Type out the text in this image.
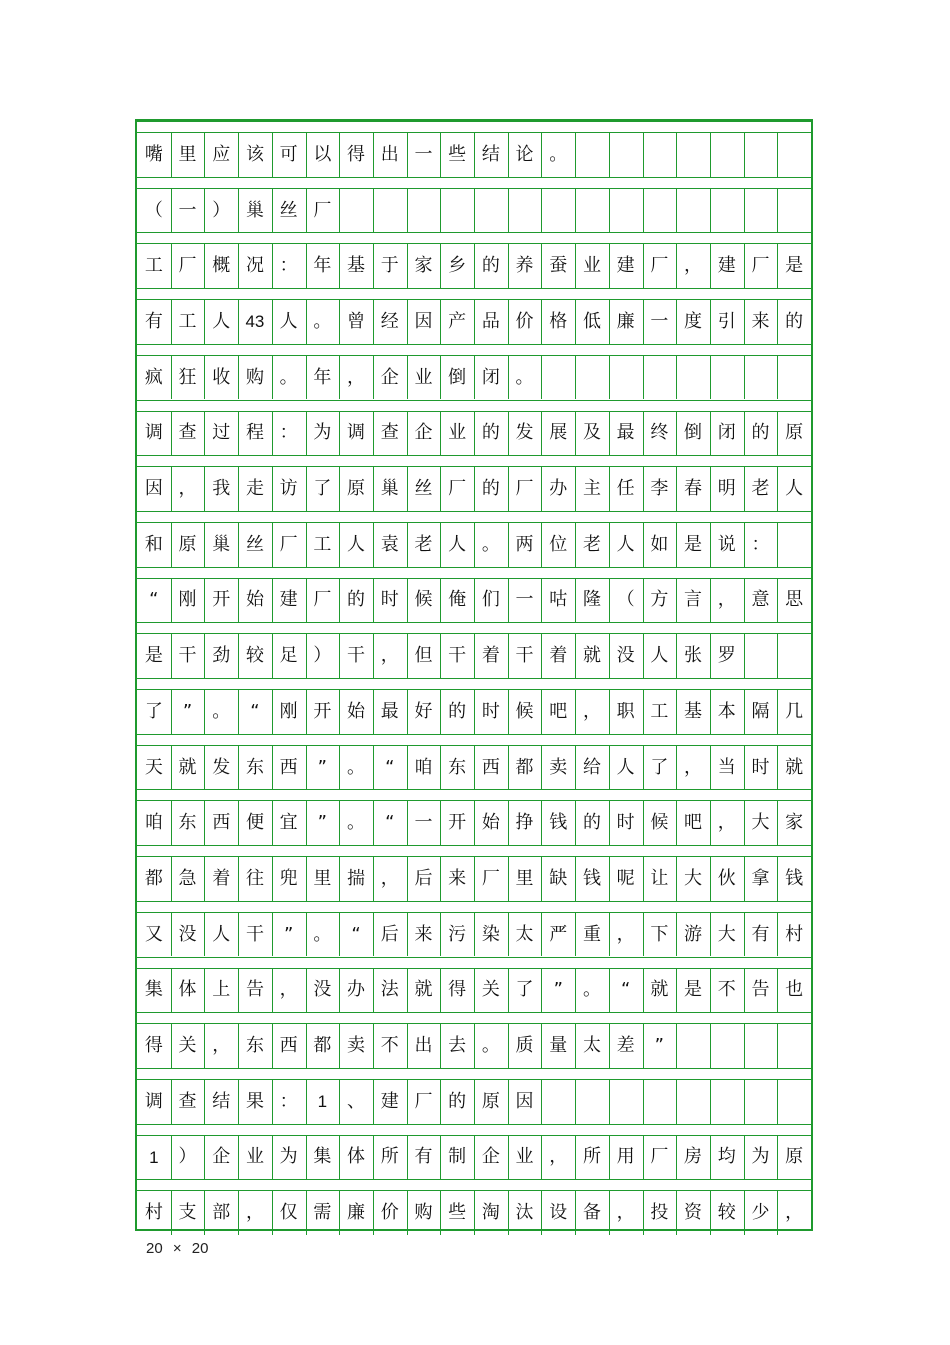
嘴 里 应 该 可 以 得 出 一 些 结 论 。
（ 一 ） 巢 丝 厂
工 厂 概 况 ： 年 基 于 家 乡 的 养 蚕 业 建 厂 ， 建 厂 是
有 工 人 43 人 。 曾 经 因 产 品 价 格 低 廉 一 度 引 来 的
疯 狂 收 购 。 年 ， 企 业 倒 闭 。
调 查 过 程 ： 为 调 查 企 业 的 发 展 及 最 终 倒 闭 的 原
因 ， 我 走 访 了 原 巢 丝 厂 的 厂 办 主 任 李 春 明 老 人
和 原 巢 丝 厂 工 人 袁 老 人 。 两 位 老 人 如 是 说 ：
“	刚 开 始 建 厂 的 时 候 俺 们 一 咕 隆 （ 方 言 ， 意 思
是 干 劲 较 足 ） 干 ， 但 干 着 干 着 就 没 人 张 罗
了	”	。	“	刚 开 始 最 好 的 时 候 吧 ， 职 工 基 本 隔 几
天 就 发 东 西	”	。	“	咱 东 西 都 卖 给 人 了 ， 当 时 就
咱 东 西 便 宜	”	。	“	一 开 始 挣 钱 的 时 候 吧 ， 大 家
都 急 着 往 兜 里 揣 ， 后 来 厂 里 缺 钱 呢 让 大 伙 拿 钱
又 没 人 干	”	。	“	后 来 污 染 太 严 重 ， 下 游 大 有 村
集 体 上 告 ， 没 办 法 就 得 关 了	”	。	“	就 是 不 告 也
得 关 ， 东 西 都 卖 不 出 去 。 质 量 太 差	”
调 查 结 果 ：	1	、 建 厂 的 原 因
1	） 企 业 为 集 体 所 有 制 企 业 ， 所 用 厂 房 均 为 原
村 支 部 ， 仅 需 廉 价 购 些 淘 汰 设 备 ， 投 资 较 少 ，
20 × 20
